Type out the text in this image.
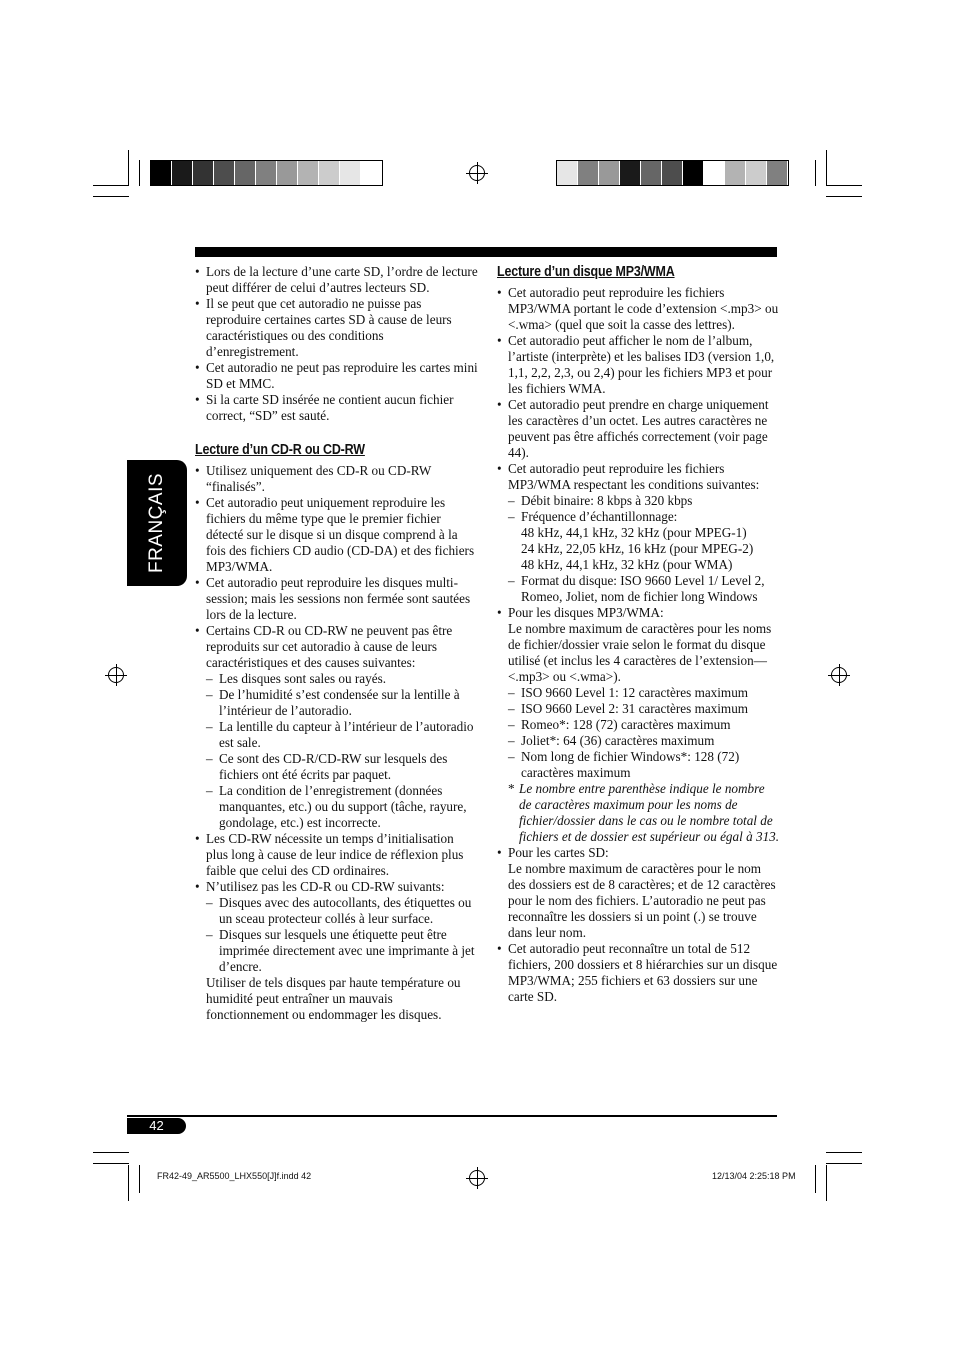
FRANÇAIS
• Lors de la lecture d’une carte SD, l’ordre de lecture peut différer de celui d’autres lecteurs SD.
• Il se peut que cet autoradio ne puisse pas reproduire certaines cartes SD à cause de leurs caractéristiques ou des conditions d’enregistrement.
• Cet autoradio ne peut pas reproduire les cartes mini SD et MMC.
• Si la carte SD insérée ne contient aucun fichier correct, “SD” est sauté.
Lecture d’un CD-R ou CD-RW
• Utilisez uniquement des CD-R ou CD-RW “finalisés”.
• Cet autoradio peut uniquement reproduire les fichiers du même type que le premier fichier détecté sur le disque si un disque comprend à la fois des fichiers CD audio (CD-DA) et des fichiers MP3/WMA.
• Cet autoradio peut reproduire les disques multi-session; mais les sessions non fermée sont sautées lors de la lecture.
• Certains CD-R ou CD-RW ne peuvent pas être reproduits sur cet autoradio à cause de leurs caractéristiques et des causes suivantes:
– Les disques sont sales ou rayés.
– De l’humidité s’est condensée sur la lentille à l’intérieur de l’autoradio.
– La lentille du capteur à l’intérieur de l’autoradio est sale.
– Ce sont des CD-R/CD-RW sur lesquels des fichiers ont été écrits par paquet.
– La condition de l’enregistrement (données manquantes, etc.) ou du support (tâche, rayure, gondolage, etc.) est incorrecte.
• Les CD-RW nécessite un temps d’initialisation plus long à cause de leur indice de réflexion plus faible que celui des CD ordinaires.
• N’utilisez pas les CD-R ou CD-RW suivants:
– Disques avec des autocollants, des étiquettes ou un sceau protecteur collés à leur surface.
– Disques sur lesquels une étiquette peut être imprimée directement avec une imprimante à jet d’encre.
Utiliser de tels disques par haute température ou humidité peut entraîner un mauvais fonctionnement ou endommager les disques.
Lecture d’un disque MP3/WMA
• Cet autoradio peut reproduire les fichiers MP3/WMA portant le code d’extension <.mp3> ou <.wma> (quel que soit la casse des lettres).
• Cet autoradio peut afficher le nom de l’album, l’artiste (interprète) et les balises ID3 (version 1,0, 1,1, 2,2, 2,3, ou 2,4) pour les fichiers MP3 et pour les fichiers WMA.
• Cet autoradio peut prendre en charge uniquement les caractères d’un octet. Les autres caractères ne peuvent pas être affichés correctement (voir page 44).
• Cet autoradio peut reproduire les fichiers MP3/WMA respectant les conditions suivantes:
– Débit binaire: 8 kbps à 320 kbps
– Fréquence d’échantillonnage:
48 kHz, 44,1 kHz, 32 kHz (pour MPEG-1)
24 kHz, 22,05 kHz, 16 kHz (pour MPEG-2)
48 kHz, 44,1 kHz, 32 kHz (pour WMA)
– Format du disque: ISO 9660 Level 1/ Level 2, Romeo, Joliet, nom de fichier long Windows
• Pour les disques MP3/WMA:
Le nombre maximum de caractères pour les noms de fichier/dossier vraie selon le format du disque utilisé (et inclus les 4 caractères de l’extension—<.mp3> ou <.wma>).
– ISO 9660 Level 1: 12 caractères maximum
– ISO 9660 Level 2: 31 caractères maximum
– Romeo*: 128 (72) caractères maximum
– Joliet*: 64 (36) caractères maximum
– Nom long de fichier Windows*: 128 (72) caractères maximum
* Le nombre entre parenthèse indique le nombre de caractères maximum pour les noms de fichier/dossier dans le cas ou le nombre total de fichiers et de dossier est supérieur ou égal à 313.
• Pour les cartes SD:
Le nombre maximum de caractères pour le nom des dossiers est de 8 caractères; et de 12 caractères pour le nom des fichiers. L’autoradio ne peut pas reconnaître les dossiers si un point (.) se trouve dans leur nom.
• Cet autoradio peut reconnaître un total de 512 fichiers, 200 dossiers et 8 hiérarchies sur un disque MP3/WMA; 255 fichiers et 63 dossiers sur une carte SD.
42
FR42-49_AR5500_LHX550[J]f.indd 42	12/13/04 2:25:18 PM
